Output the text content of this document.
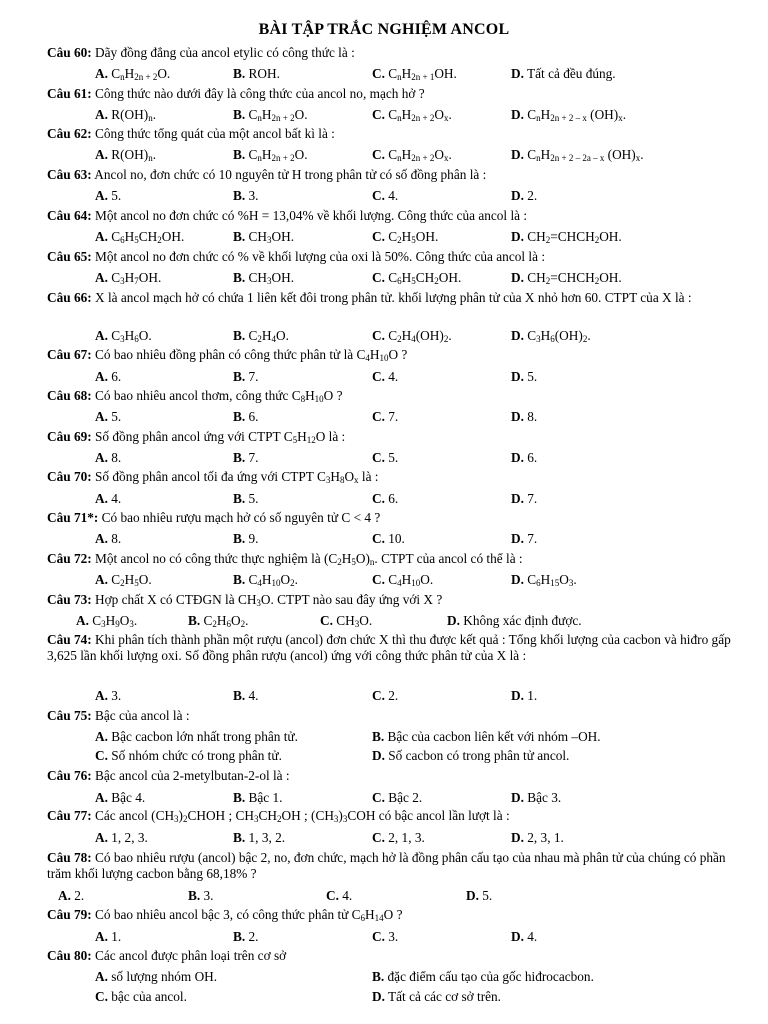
BÀI TẬP TRẮC NGHIỆM ANCOL
Câu 60: Dãy đồng đẳng của ancol etylic có công thức là :
A. $C_nH_{2n + 2}O$.	B. ROH.	C. $C_nH_{2n + 1}OH$.	D. Tất cả đều đúng.
Câu 61: Công thức nào dưới đây là công thức của ancol no, mạch hở ?
A. $R(OH)_n$.	B. $C_nH_{2n + 2}O$.	C. $C_nH_{2n + 2}O_x$.	D. $C_nH_{2n + 2 - x}$ $(OH)_x$.
Câu 62: Công thức tổng quát của một ancol bất kì là :
A. $R(OH)_n$.	B. $C_nH_{2n + 2}O$.	C. $C_nH_{2n + 2}O_x$.	D. $C_nH_{2n + 2 - 2a - x}$ $(OH)_x$.
Câu 63: Ancol no, đơn chức có 10 nguyên tử H trong phân tử có số đồng phân là :
A. 5.	B. 3.	C. 4.	D. 2.
Câu 64: Một ancol no đơn chức có %H = 13,04% về khối lượng. Công thức của ancol là :
A. $C_6H_5CH_2OH$.	B. $CH_3OH$.	C. $C_2H_5OH$.	D. $CH_2=CHCH_2OH$.
Câu 65: Một ancol no đơn chức có % về khối lượng của oxi là 50%. Công thức của ancol là :
A. $C_3H_7OH$.	B. $CH_3OH$.	C. $C_6H_5CH_2OH$.	D. $CH_2=CHCH_2OH$.
Câu 66: X là ancol mạch hở có chứa 1 liên kết đôi trong phân tử. khối lượng phân tử của X nhỏ hơn 60. CTPT của X là :
A. $C_3H_6O$.	B. $C_2H_4O$.	C. $C_2H_4(OH)_2$.	D. $C_3H_6(OH)_2$.
Câu 67: Có bao nhiêu đồng phân có công thức phân tử là $C_4H_{10}O$ ?
A. 6.	B. 7.	C. 4.	D. 5.
Câu 68: Có bao nhiêu ancol thơm, công thức $C_8H_{10}O$ ?
A. 5.	B. 6.	C. 7.	D. 8.
Câu 69: Số đồng phân ancol ứng với CTPT $C_5H_{12}O$ là :
A. 8.	B. 7.	C. 5.	D. 6.
Câu 70: Số đồng phân ancol tối đa ứng với CTPT $C_3H_8O_x$ là :
A. 4.	B. 5.	C. 6.	D. 7.
Câu 71*: Có bao nhiêu rượu mạch hở có số nguyên tử C < 4 ?
A. 8.	B. 9.	C. 10.	D. 7.
Câu 72: Một ancol no có công thức thực nghiệm là $(C_2H_5O)_n$. CTPT của ancol có thể là :
A. $C_2H_5O$.	B. $C_4H_{10}O_2$.	C. $C_4H_{10}O$.	D. $C_6H_{15}O_3$.
Câu 73: Hợp chất X có CTĐGN là $CH_3O$. CTPT nào sau đây ứng với X ?
A. $C_3H_9O_3$.	B. $C_2H_6O_2$.	C. $CH_3O$.	D. Không xác định được.
Câu 74: Khi phân tích thành phần một rượu (ancol) đơn chức X thì thu được kết quả : Tổng khối lượng của cacbon và hiđro gấp 3,625 lần khối lượng oxi. Số đồng phân rượu (ancol) ứng với công thức phân tử của X là :
A. 3.	B. 4.	C. 2.	D. 1.
Câu 75: Bậc của ancol là :
A. Bậc cacbon lớn nhất trong phân tử.	B. Bậc của cacbon liên kết với nhóm –OH.
C. Số nhóm chức có trong phân tử.	D. Số cacbon có trong phân tử ancol.
Câu 76: Bậc ancol của 2-metylbutan-2-ol là :
A. Bậc 4.	B. Bậc 1.	C. Bậc 2.	D. Bậc 3.
Câu 77: Các ancol $(CH_3)_2CHOH$ ; $CH_3CH_2OH$ ; $(CH_3)_3COH$ có bậc ancol lần lượt là :
A. 1, 2, 3.	B. 1, 3, 2.	C. 2, 1, 3.	D. 2, 3, 1.
Câu 78: Có bao nhiêu rượu (ancol) bậc 2, no, đơn chức, mạch hở là đồng phân cấu tạo của nhau mà phân tử của chúng có phần trăm khối lượng cacbon bằng 68,18% ?
A. 2.	B. 3.	C. 4.	D. 5.
Câu 79: Có bao nhiêu ancol bậc 3, có công thức phân tử $C_6H_{14}O$ ?
A. 1.	B. 2.	C. 3.	D. 4.
Câu 80: Các ancol được phân loại trên cơ sở
A. số lượng nhóm OH.	B. đặc điểm cấu tạo của gốc hiđrocacbon.
C. bậc của ancol.	D. Tất cả các cơ sở trên.
